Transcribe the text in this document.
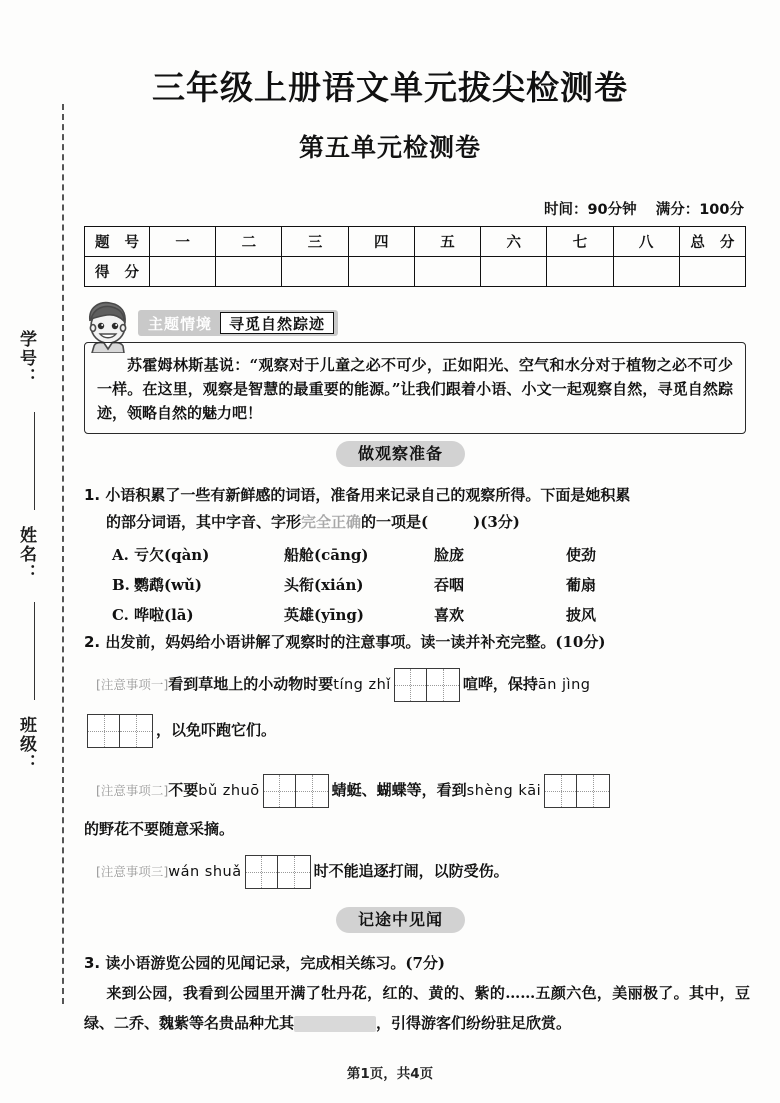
学号：
姓名：
班级：
三年级上册语文单元拔尖检测卷
第五单元检测卷
时间：90分钟 满分：100分
题 号	一	二	三	四	五	六	七	八	总 分
得 分									
主题情境	寻觅自然踪迹
苏霍姆林斯基说：“观察对于儿童之必不可少，正如阳光、空气和水分对于植物之必不可少一样。在这里，观察是智慧的最重要的能源。”让我们跟着小语、小文一起观察自然，寻觅自然踪迹，领略自然的魅力吧！
做观察准备
1. 小语积累了一些有新鲜感的词语，准备用来记录自己的观察所得。下面是她积累
的部分词语，其中字音、字形完全正确的一项是(　　　)(3分)
A. 亏欠(qàn)	船舱(cāng)	脸庞	使劲
B. 鹦鹉(wǔ)	头衔(xián)	吞咽	葡扇
C. 哗啦(lā)	英雄(yīng)	喜欢	披风
2. 出发前，妈妈给小语讲解了观察时的注意事项。读一读并补充完整。(10分)
[注意事项一]看到草地上的小动物时要tíng zhǐ	喧哗，保持ān jìng
，以免吓跑它们。
[注意事项二]不要bǔ zhuō	蜻蜓、蝴蝶等，看到shèng kāi
的野花不要随意采摘。
[注意事项三]wán shuǎ	时不能追逐打闹，以防受伤。
记途中见闻
3. 读小语游览公园的见闻记录，完成相关练习。(7分)
来到公园，我看到公园里开满了牡丹花，红的、黄的、紫的……五颜六色，美丽极了。其中，豆绿、二乔、魏紫等名贵品种尤其	，引得游客们纷纷驻足欣赏。
第1页，共4页
